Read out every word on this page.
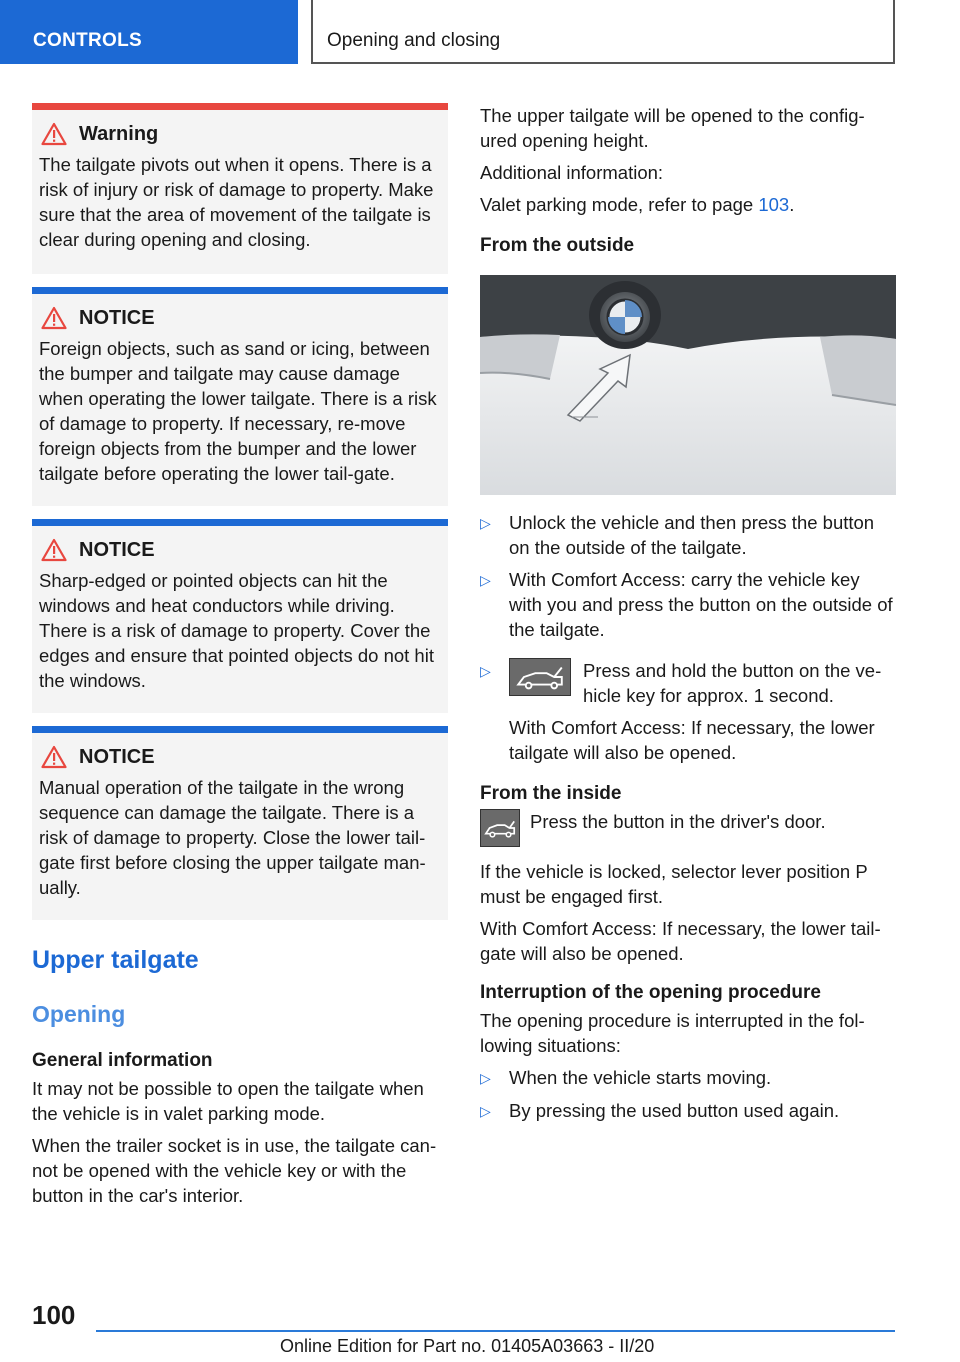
CONTROLS	Opening and closing
Warning

The tailgate pivots out when it opens. There is a risk of injury or risk of damage to property. Make sure that the area of movement of the tailgate is clear during opening and closing.

NOTICE

Foreign objects, such as sand or icing, between the bumper and tailgate may cause damage when operating the lower tailgate. There is a risk of damage to property. If necessary, re-move foreign objects from the bumper and the lower tailgate before operating the lower tail-gate.

NOTICE

Sharp-edged or pointed objects can hit the windows and heat conductors while driving. There is a risk of damage to property. Cover the edges and ensure that pointed objects do not hit the windows.

NOTICE

Manual operation of the tailgate in the wrong sequence can damage the tailgate. There is a risk of damage to property. Close the lower tail-gate first before closing the upper tailgate man-ually.

Upper tailgate
Opening
General information

It may not be possible to open the tailgate when the vehicle is in valet parking mode.

When the trailer socket is in use, the tailgate can-not be opened with the vehicle key or with the button in the car's interior.

The upper tailgate will be opened to the config-ured opening height.

Additional information:

Valet parking mode, refer to page 103.

From the outside
▷ Unlock the vehicle and then press the button on the outside of the tailgate.
▷ With Comfort Access: carry the vehicle key with you and press the button on the outside of the tailgate.
▷	Press and hold the button on the ve-hicle key for approx. 1 second.
With Comfort Access: If necessary, the lower tailgate will also be opened.
From the inside
Press the button in the driver's door.

If the vehicle is locked, selector lever position P must be engaged first.

With Comfort Access: If necessary, the lower tail-gate will also be opened.

Interruption of the opening procedure

The opening procedure is interrupted in the fol-lowing situations:

▷ When the vehicle starts moving.
▷ By pressing the used button used again.
100
Online Edition for Part no. 01405A03663 - II/20
